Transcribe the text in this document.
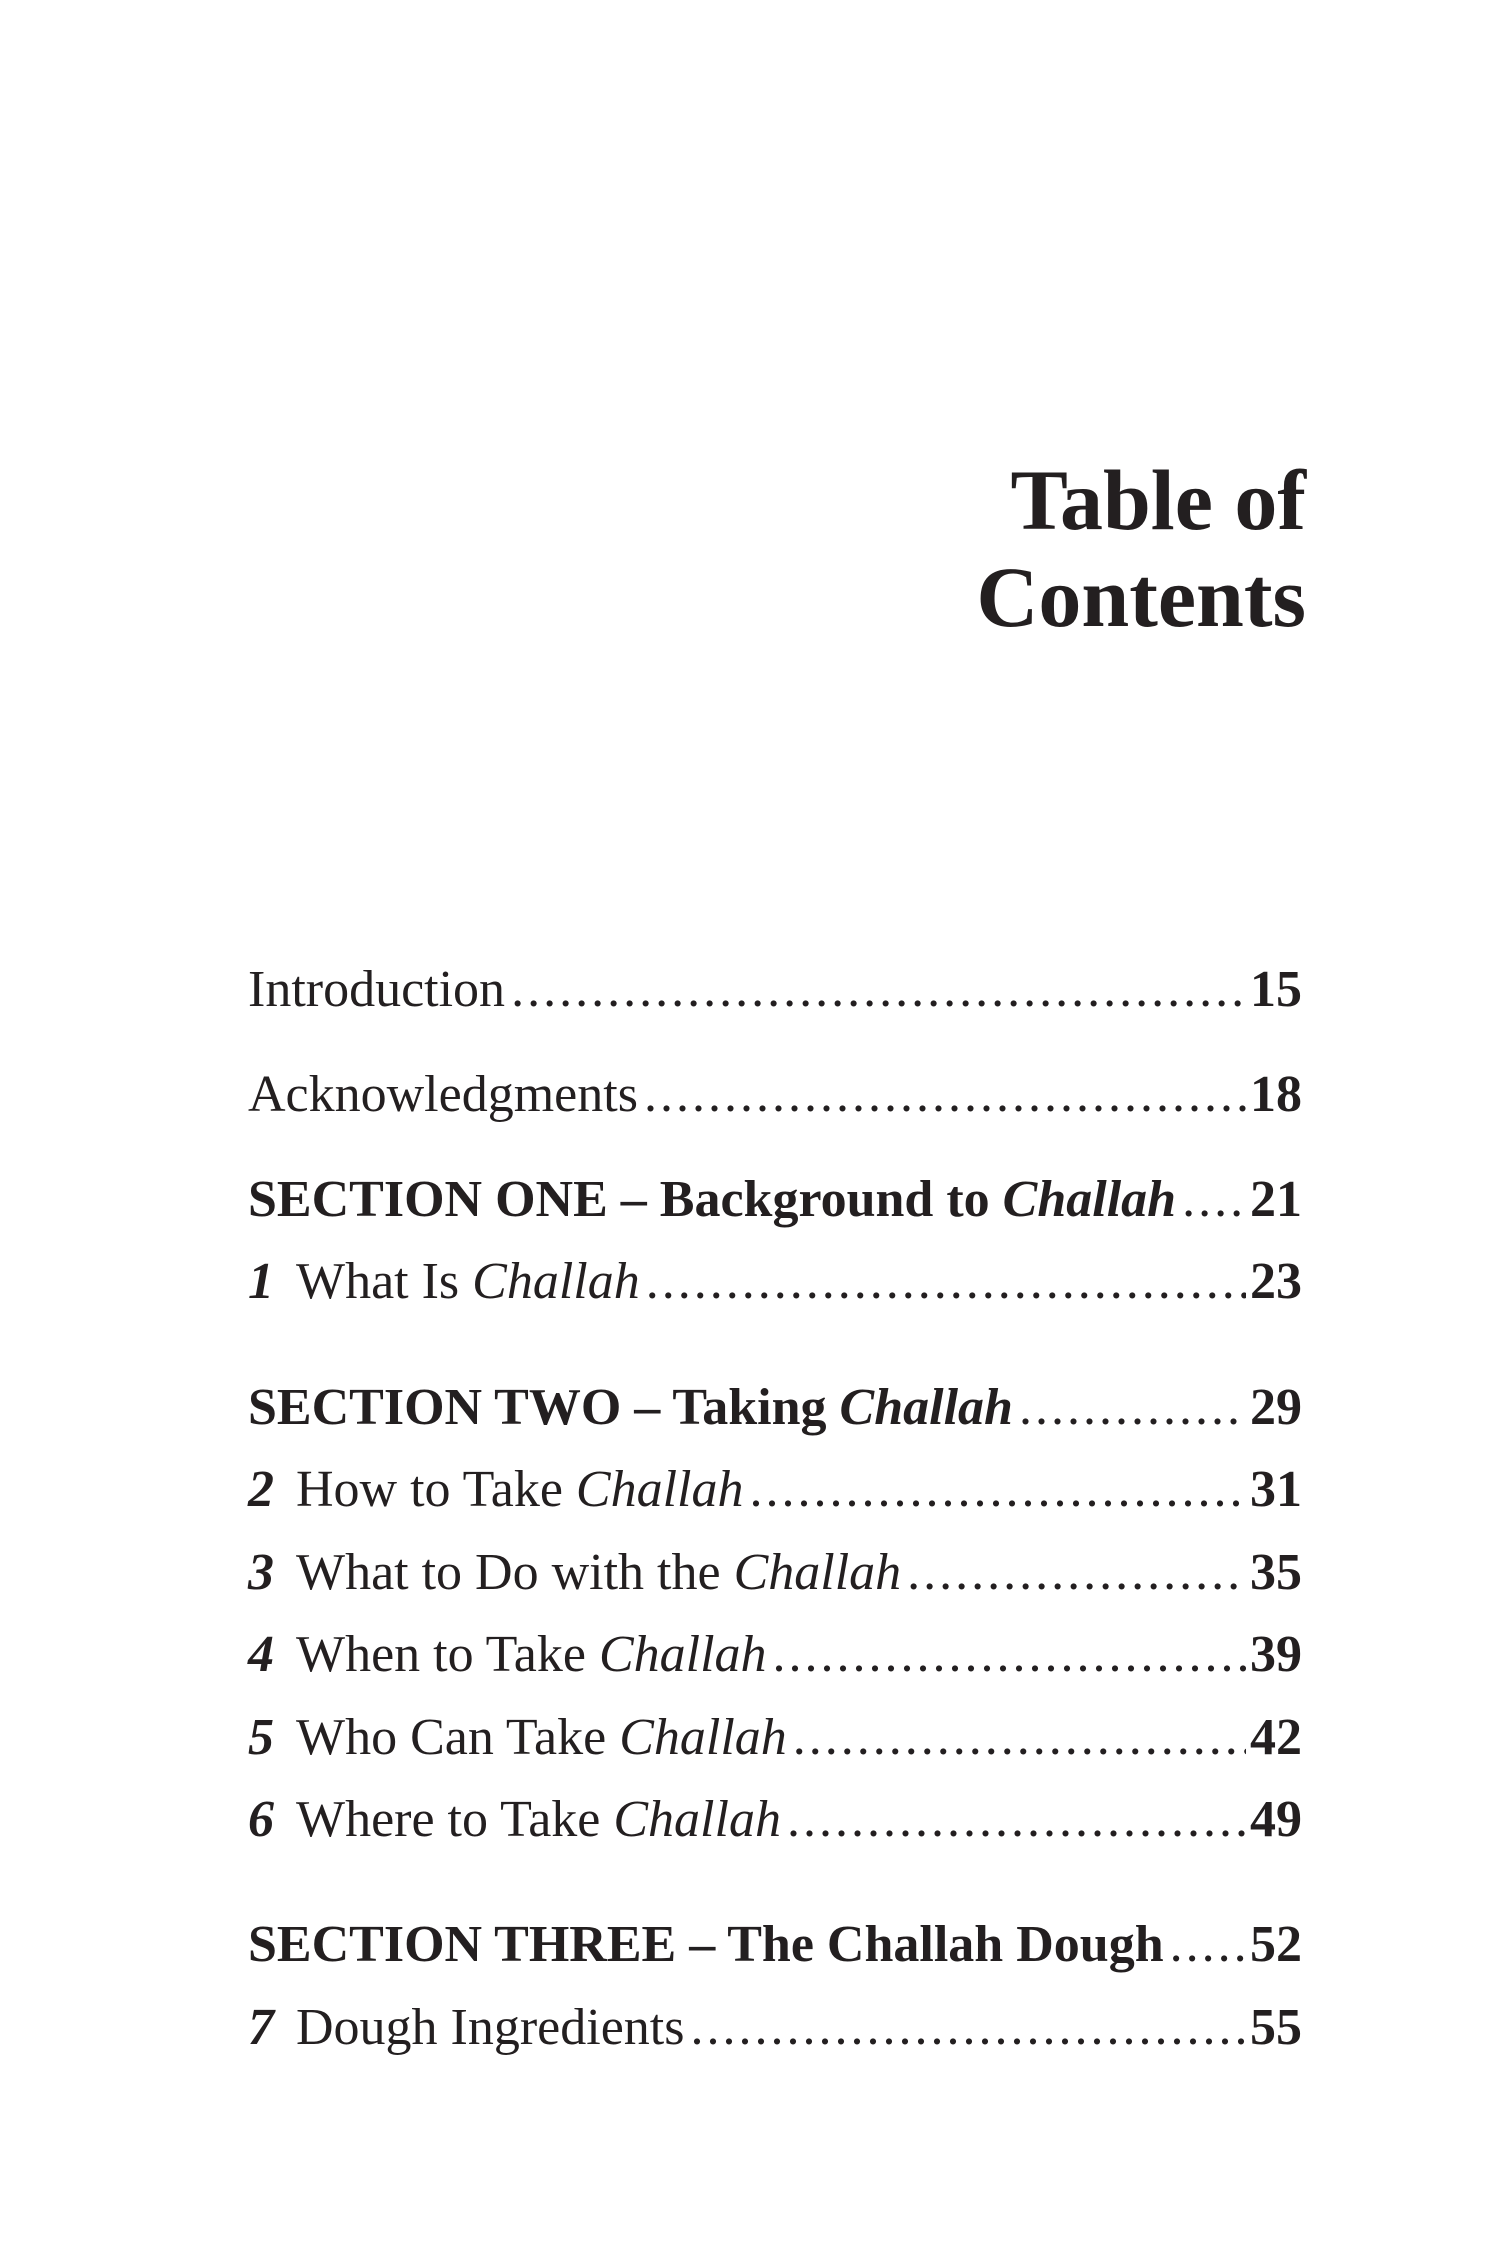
Table of
Contents
Introduction .....	15
Acknowledgments .....	18
SECTION ONE – Background to Challah ..... 21
1 What Is Challah .....	23
SECTION TWO – Taking Challah .....	29
2 How to Take Challah .....	31
3 What to Do with the Challah .....	35
4 When to Take Challah .....	39
5 Who Can Take Challah .....	42
6 Where to Take Challah .....	49
SECTION THREE – The Challah Dough ..... 52
7 Dough Ingredients .....	55
